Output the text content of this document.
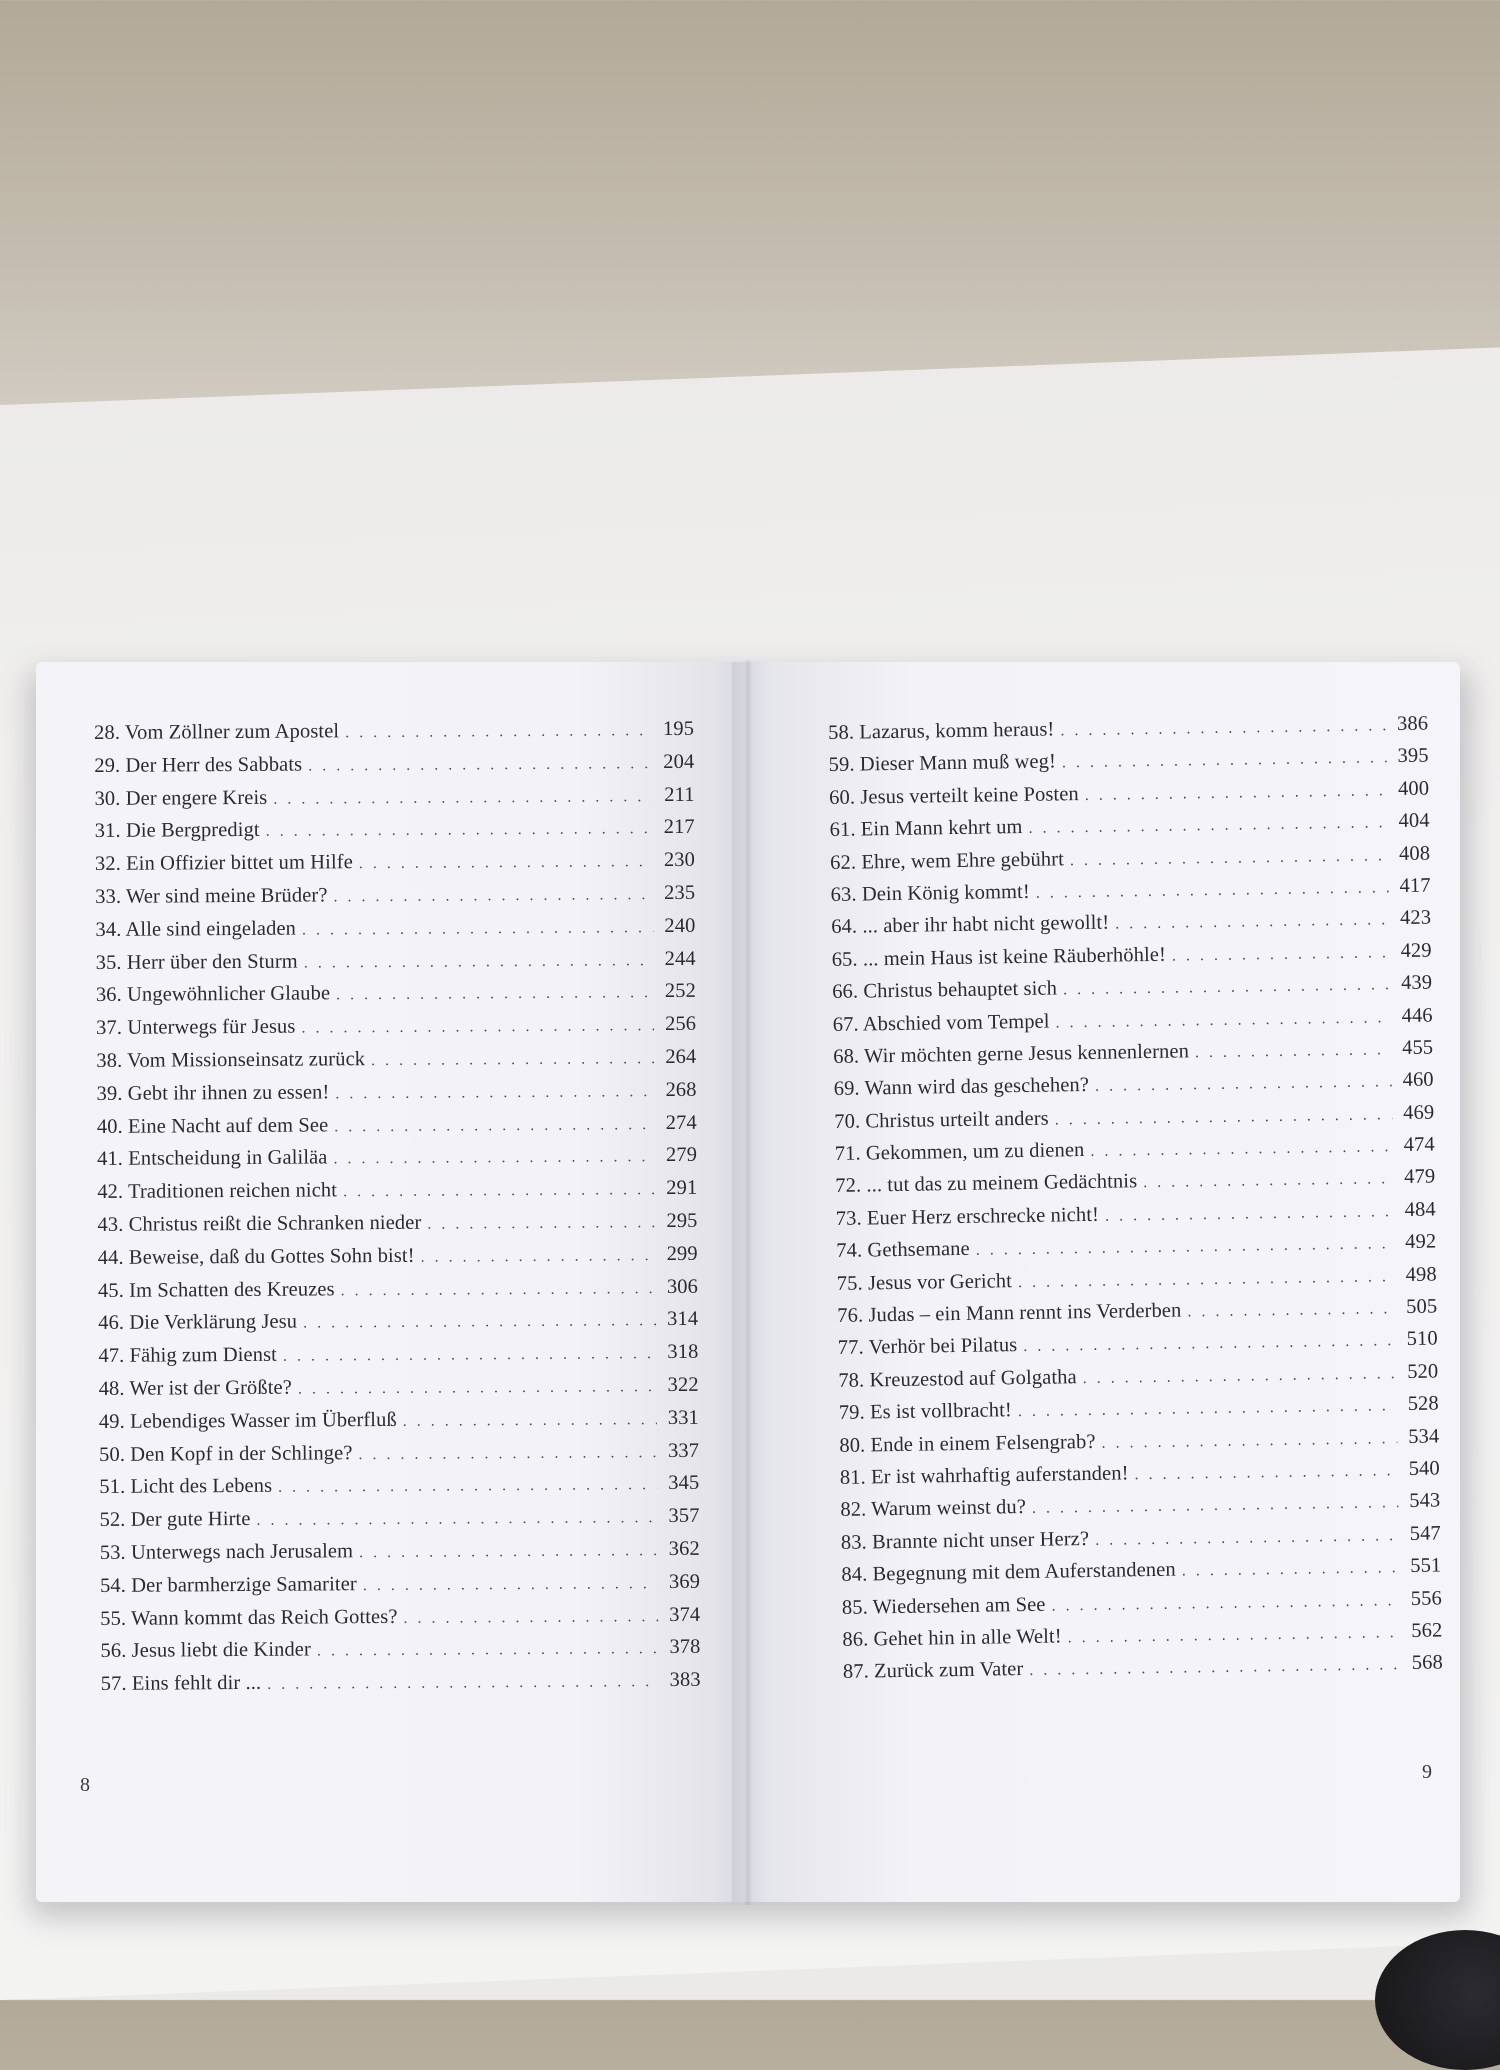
28. Vom Zöllner zum Apostel . . .	195
29. Der Herr des Sabbats . . .	204
30. Der engere Kreis . . .	211
31. Die Bergpredigt . . .	217
32. Ein Offizier bittet um Hilfe . . .	230
33. Wer sind meine Brüder? . . .	235
34. Alle sind eingeladen . . .	240
35. Herr über den Sturm . . .	244
36. Ungewöhnlicher Glaube . . .	252
37. Unterwegs für Jesus . . .	256
38. Vom Missionseinsatz zurück . . .	264
39. Gebt ihr ihnen zu essen! . . .	268
40. Eine Nacht auf dem See . . .	274
41. Entscheidung in Galiläa . . .	279
42. Traditionen reichen nicht . . .	291
43. Christus reißt die Schranken nieder . . .	295
44. Beweise, daß du Gottes Sohn bist! . . .	299
45. Im Schatten des Kreuzes . . .	306
46. Die Verklärung Jesu . . .	314
47. Fähig zum Dienst . . .	318
48. Wer ist der Größte? . . .	322
49. Lebendiges Wasser im Überfluß . . .	331
50. Den Kopf in der Schlinge? . . .	337
51. Licht des Lebens . . .	345
52. Der gute Hirte . . .	357
53. Unterwegs nach Jerusalem . . .	362
54. Der barmherzige Samariter . . .	369
55. Wann kommt das Reich Gottes? . . .	374
56. Jesus liebt die Kinder . . .	378
57. Eins fehlt dir ... . . .	383
8
58. Lazarus, komm heraus! . . .	386
59. Dieser Mann muß weg! . . .	395
60. Jesus verteilt keine Posten . . .	400
61. Ein Mann kehrt um . . .	404
62. Ehre, wem Ehre gebührt . . .	408
63. Dein König kommt! . . .	417
64. ... aber ihr habt nicht gewollt! . . .	423
65. ... mein Haus ist keine Räuberhöhle! . . .	429
66. Christus behauptet sich . . .	439
67. Abschied vom Tempel . . .	446
68. Wir möchten gerne Jesus kennenlernen . . .	455
69. Wann wird das geschehen? . . .	460
70. Christus urteilt anders . . .	469
71. Gekommen, um zu dienen . . .	474
72. ... tut das zu meinem Gedächtnis . . .	479
73. Euer Herz erschrecke nicht! . . .	484
74. Gethsemane . . .	492
75. Jesus vor Gericht . . .	498
76. Judas – ein Mann rennt ins Verderben . . .	505
77. Verhör bei Pilatus . . .	510
78. Kreuzestod auf Golgatha . . .	520
79. Es ist vollbracht! . . .	528
80. Ende in einem Felsengrab? . . .	534
81. Er ist wahrhaftig auferstanden! . . .	540
82. Warum weinst du? . . .	543
83. Brannte nicht unser Herz? . . .	547
84. Begegnung mit dem Auferstandenen . . .	551
85. Wiedersehen am See . . .	556
86. Gehet hin in alle Welt! . . .	562
87. Zurück zum Vater . . .	568
9
